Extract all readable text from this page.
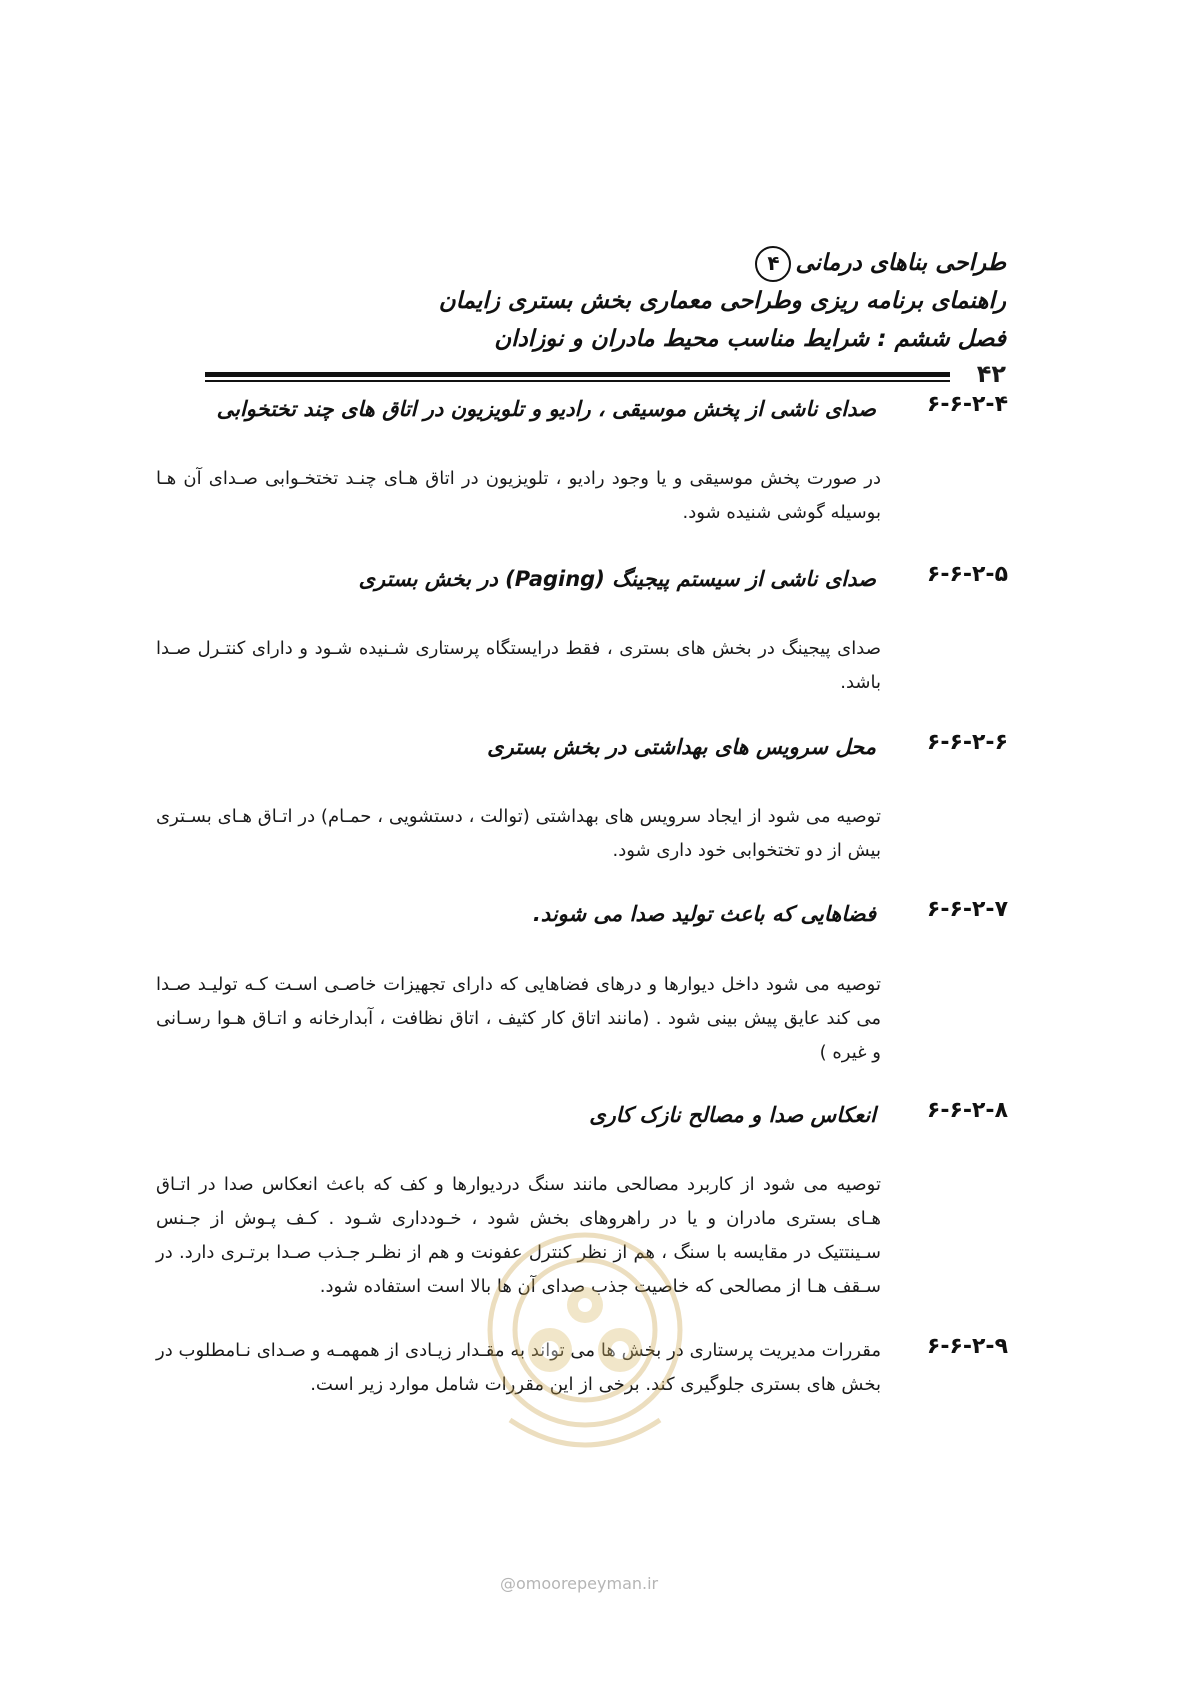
طراحی بناهای درمانی۴
راهنمای برنامه ریزی وطراحی معماری بخش بستری زایمان
فصل ششم : شرایط مناسب محیط مادران و نوزادان
۴۲
۶-۶-۲-۴
صدای ناشی از پخش موسیقی ، رادیو و تلویزیون در اتاق های چند تختخوابی
در صورت پخش موسیقی و یا وجود رادیو ، تلویزیون در اتاق هـای چنـد تختخـوابی صـدای آن هـا بوسیله گوشی شنیده شود.
۶-۶-۲-۵
صدای ناشی از سیستم پیجینگ (Paging) در بخش بستری
صدای پیجینگ در بخش های بستری ، فقط درایستگاه پرستاری شـنیده شـود و دارای کنتـرل صـدا باشد.
۶-۶-۲-۶
محل سرویس های بهداشتی در بخش بستری
توصیه می شود از ایجاد سرویس های بهداشتی (توالت ، دستشویی ، حمـام) در اتـاق هـای بسـتری بیش از دو تختخوابی خود داری شود.
۶-۶-۲-۷
فضاهایی که باعث تولید صدا می شوند.
توصیه می شود داخل دیوارها و درهای فضاهایی که دارای تجهیزات خاصـی اسـت کـه تولیـد صـدا می کند عایق پیش بینی شود . (مانند اتاق کار کثیف ، اتاق نظافت ، آبدارخانه و اتـاق هـوا رسـانی و غیره )
۶-۶-۲-۸
انعکاس صدا و مصالح نازک کاری
توصیه می شود از کاربرد مصالحی مانند سنگ دردیوارها و کف که باعث انعکاس صدا در اتـاق هـای بستری مادران و یا در راهروهای بخش شود ، خـودداری شـود . کـف پـوش از جـنس سـینتتیک در مقایسه با سنگ ، هم از نظر کنترل عفونت و هم از نظـر جـذب صـدا برتـری دارد. در سـقف هـا از مصالحی که خاصیت جذب صدای آن ها بالا است استفاده شود.
۶-۶-۲-۹
مقررات مدیریت پرستاری در بخش ها می تواند به مقـدار زیـادی از همهمـه و صـدای نـامطلوب در بخش های بستری جلوگیری کند. برخی از این مقررات شامل موارد زیر است.
@omoorepeyman.ir
